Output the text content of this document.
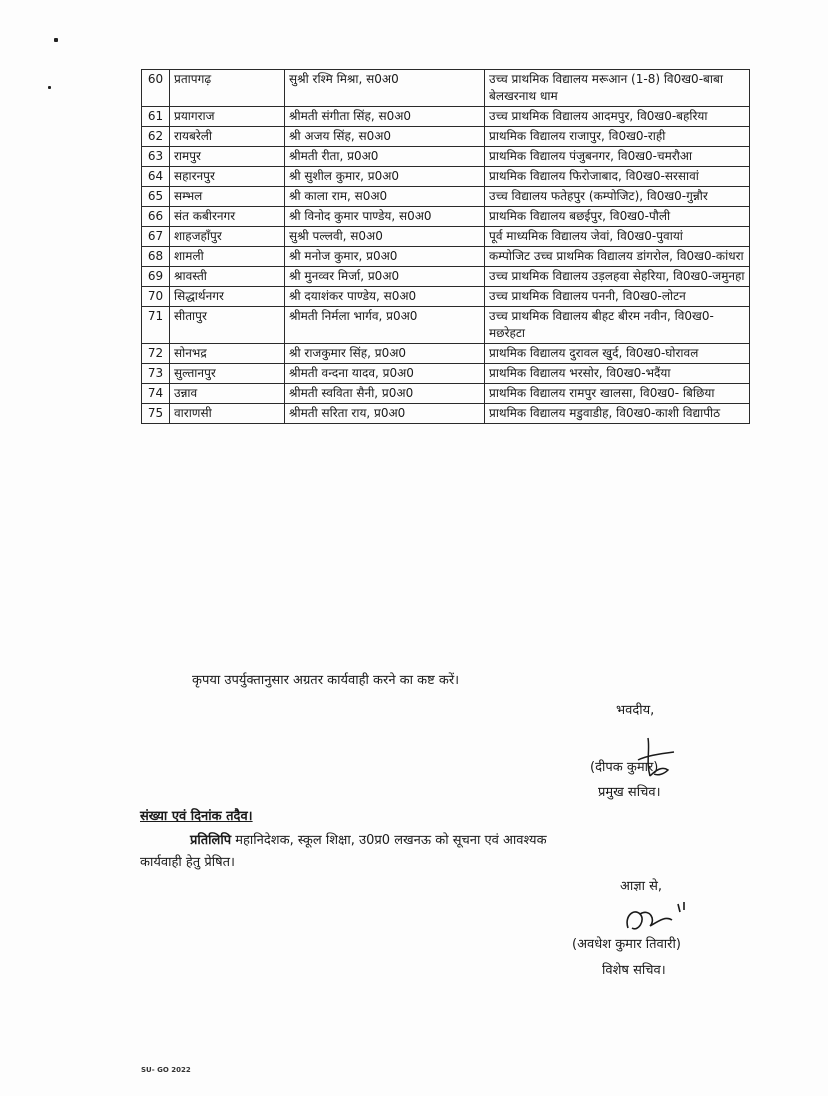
60	प्रतापगढ़	सुश्री रश्मि मिश्रा, स0अ0	उच्च प्राथमिक विद्यालय मरूआन (1-8) वि0ख0-बाबा बेलखरनाथ धाम
61	प्रयागराज	श्रीमती संगीता सिंह, स0अ0	उच्च प्राथमिक विद्यालय आदमपुर, वि0ख0-बहरिया
62	रायबरेली	श्री अजय सिंह, स0अ0	प्राथमिक विद्यालय राजापुर, वि0ख0-राही
63	रामपुर	श्रीमती रीता, प्र0अ0	प्राथमिक विद्यालय पंजुबनगर, वि0ख0-चमरौआ
64	सहारनपुर	श्री सुशील कुमार, प्र0अ0	प्राथमिक विद्यालय फिरोजाबाद, वि0ख0-सरसावां
65	सम्भल	श्री काला राम, स0अ0	उच्च विद्यालय फतेहपुर (कम्पोजिट), वि0ख0-गुन्नौर
66	संत कबीरनगर	श्री विनोद कुमार पाण्डेय, स0अ0	प्राथमिक विद्यालय बछईपुर, वि0ख0-पौली
67	शाहजहाँपुर	सुश्री पल्लवी, स0अ0	पूर्व माध्यमिक विद्यालय जेवां, वि0ख0-पुवायां
68	शामली	श्री मनोज कुमार, प्र0अ0	कम्पोजिट उच्च प्राथमिक विद्यालय डांगरोल, वि0ख0-कांधरा
69	श्रावस्ती	श्री मुनव्वर मिर्जा, प्र0अ0	उच्च प्राथमिक विद्यालय उड़लहवा सेहरिया, वि0ख0-जमुनहा
70	सिद्धार्थनगर	श्री दयाशंकर पाण्डेय, स0अ0	उच्च प्राथमिक विद्यालय पननी, वि0ख0-लोटन
71	सीतापुर	श्रीमती निर्मला भार्गव, प्र0अ0	उच्च प्राथमिक विद्यालय बीहट बीरम नवीन, वि0ख0-मछरेहटा
72	सोनभद्र	श्री राजकुमार सिंह, प्र0अ0	प्राथमिक विद्यालय दुरावल खुर्द, वि0ख0-घोरावल
73	सुल्तानपुर	श्रीमती वन्दना यादव, प्र0अ0	प्राथमिक विद्यालय भरसोर, वि0ख0-भदैंया
74	उन्नाव	श्रीमती स्वविता सैनी, प्र0अ0	प्राथमिक विद्यालय रामपुर खालसा, वि0ख0- बिछिया
75	वाराणसी	श्रीमती सरिता राय, प्र0अ0	प्राथमिक विद्यालय मडुवाडीह, वि0ख0-काशी विद्यापीठ
कृपया उपर्युक्तानुसार अग्रतर कार्यवाही करने का कष्ट करें।
भवदीय,
(दीपक कुमार)
प्रमुख सचिव।
संख्या एवं दिनांक तदैव।
प्रतिलिपि महानिदेशक, स्कूल शिक्षा, उ0प्र0 लखनऊ को सूचना एवं आवश्यक
कार्यवाही हेतु प्रेषित।
आज्ञा से,
(अवधेश कुमार तिवारी)
विशेष सचिव।
SU- GO 2022
